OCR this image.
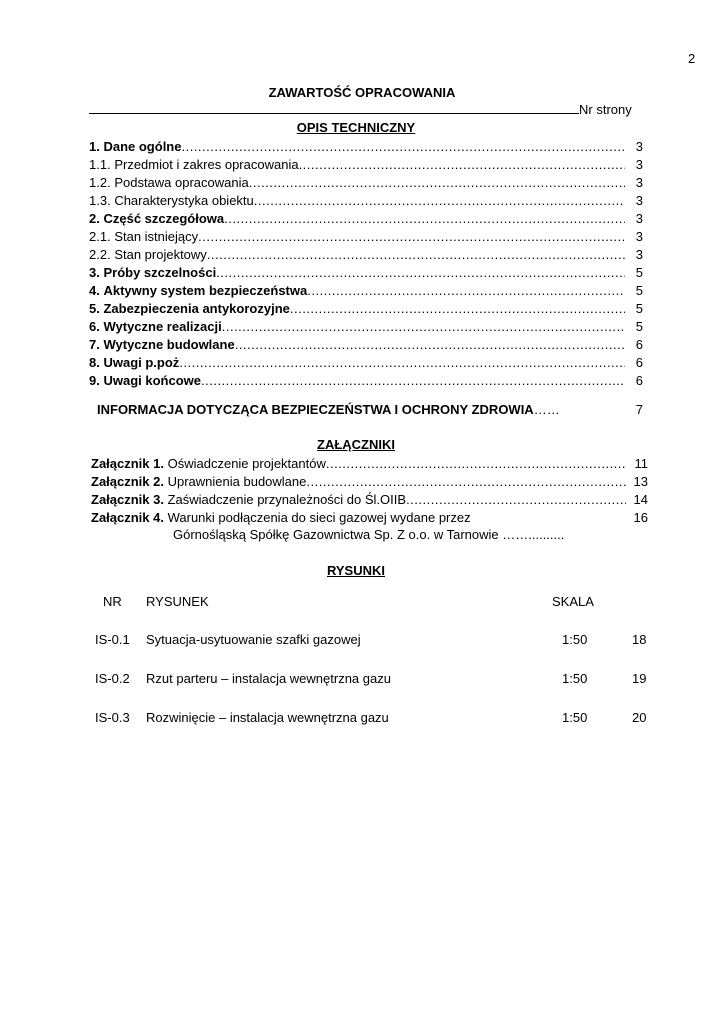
2
ZAWARTOŚĆ OPRACOWANIA
Nr strony
OPIS TECHNICZNY
1. Dane ogólne .....	3
1.1. Przedmiot i zakres opracowania .....	3
1.2. Podstawa opracowania .....	3
1.3. Charakterystyka obiektu .....	3
2. Część szczegółowa .....	3
2.1. Stan istniejący .....	3
2.2. Stan projektowy .....	3
3. Próby szczelności .....	5
4. Aktywny system bezpieczeństwa .....	5
5. Zabezpieczenia antykorozyjne .....	5
6. Wytyczne realizacji .....	5
7. Wytyczne budowlane .....	6
8. Uwagi p.poż .....	6
9. Uwagi końcowe .....	6
INFORMACJA DOTYCZĄCA BEZPIECZEŃSTWA I OCHRONY ZDROWIA ……	7
ZAŁĄCZNIKI
Załącznik 1. Oświadczenie projektantów .....	11
Załącznik 2. Uprawnienia budowlane .....	13
Załącznik 3. Zaświadczenie przynależności do Śl.OIIB .....	14
Załącznik 4. Warunki podłączenia do sieci gazowej wydane przez	16
Górnośląską Spółkę Gazownictwa Sp. Z o.o. w Tarnowie ……..........
RYSUNKI
NR RYSUNEK	SKALA
IS-0.1 Sytuacja-usytuowanie szafki gazowej	1:50	18
IS-0.2 Rzut parteru – instalacja wewnętrzna gazu	1:50	19
IS-0.3 Rozwinięcie – instalacja wewnętrzna gazu	1:50	20
